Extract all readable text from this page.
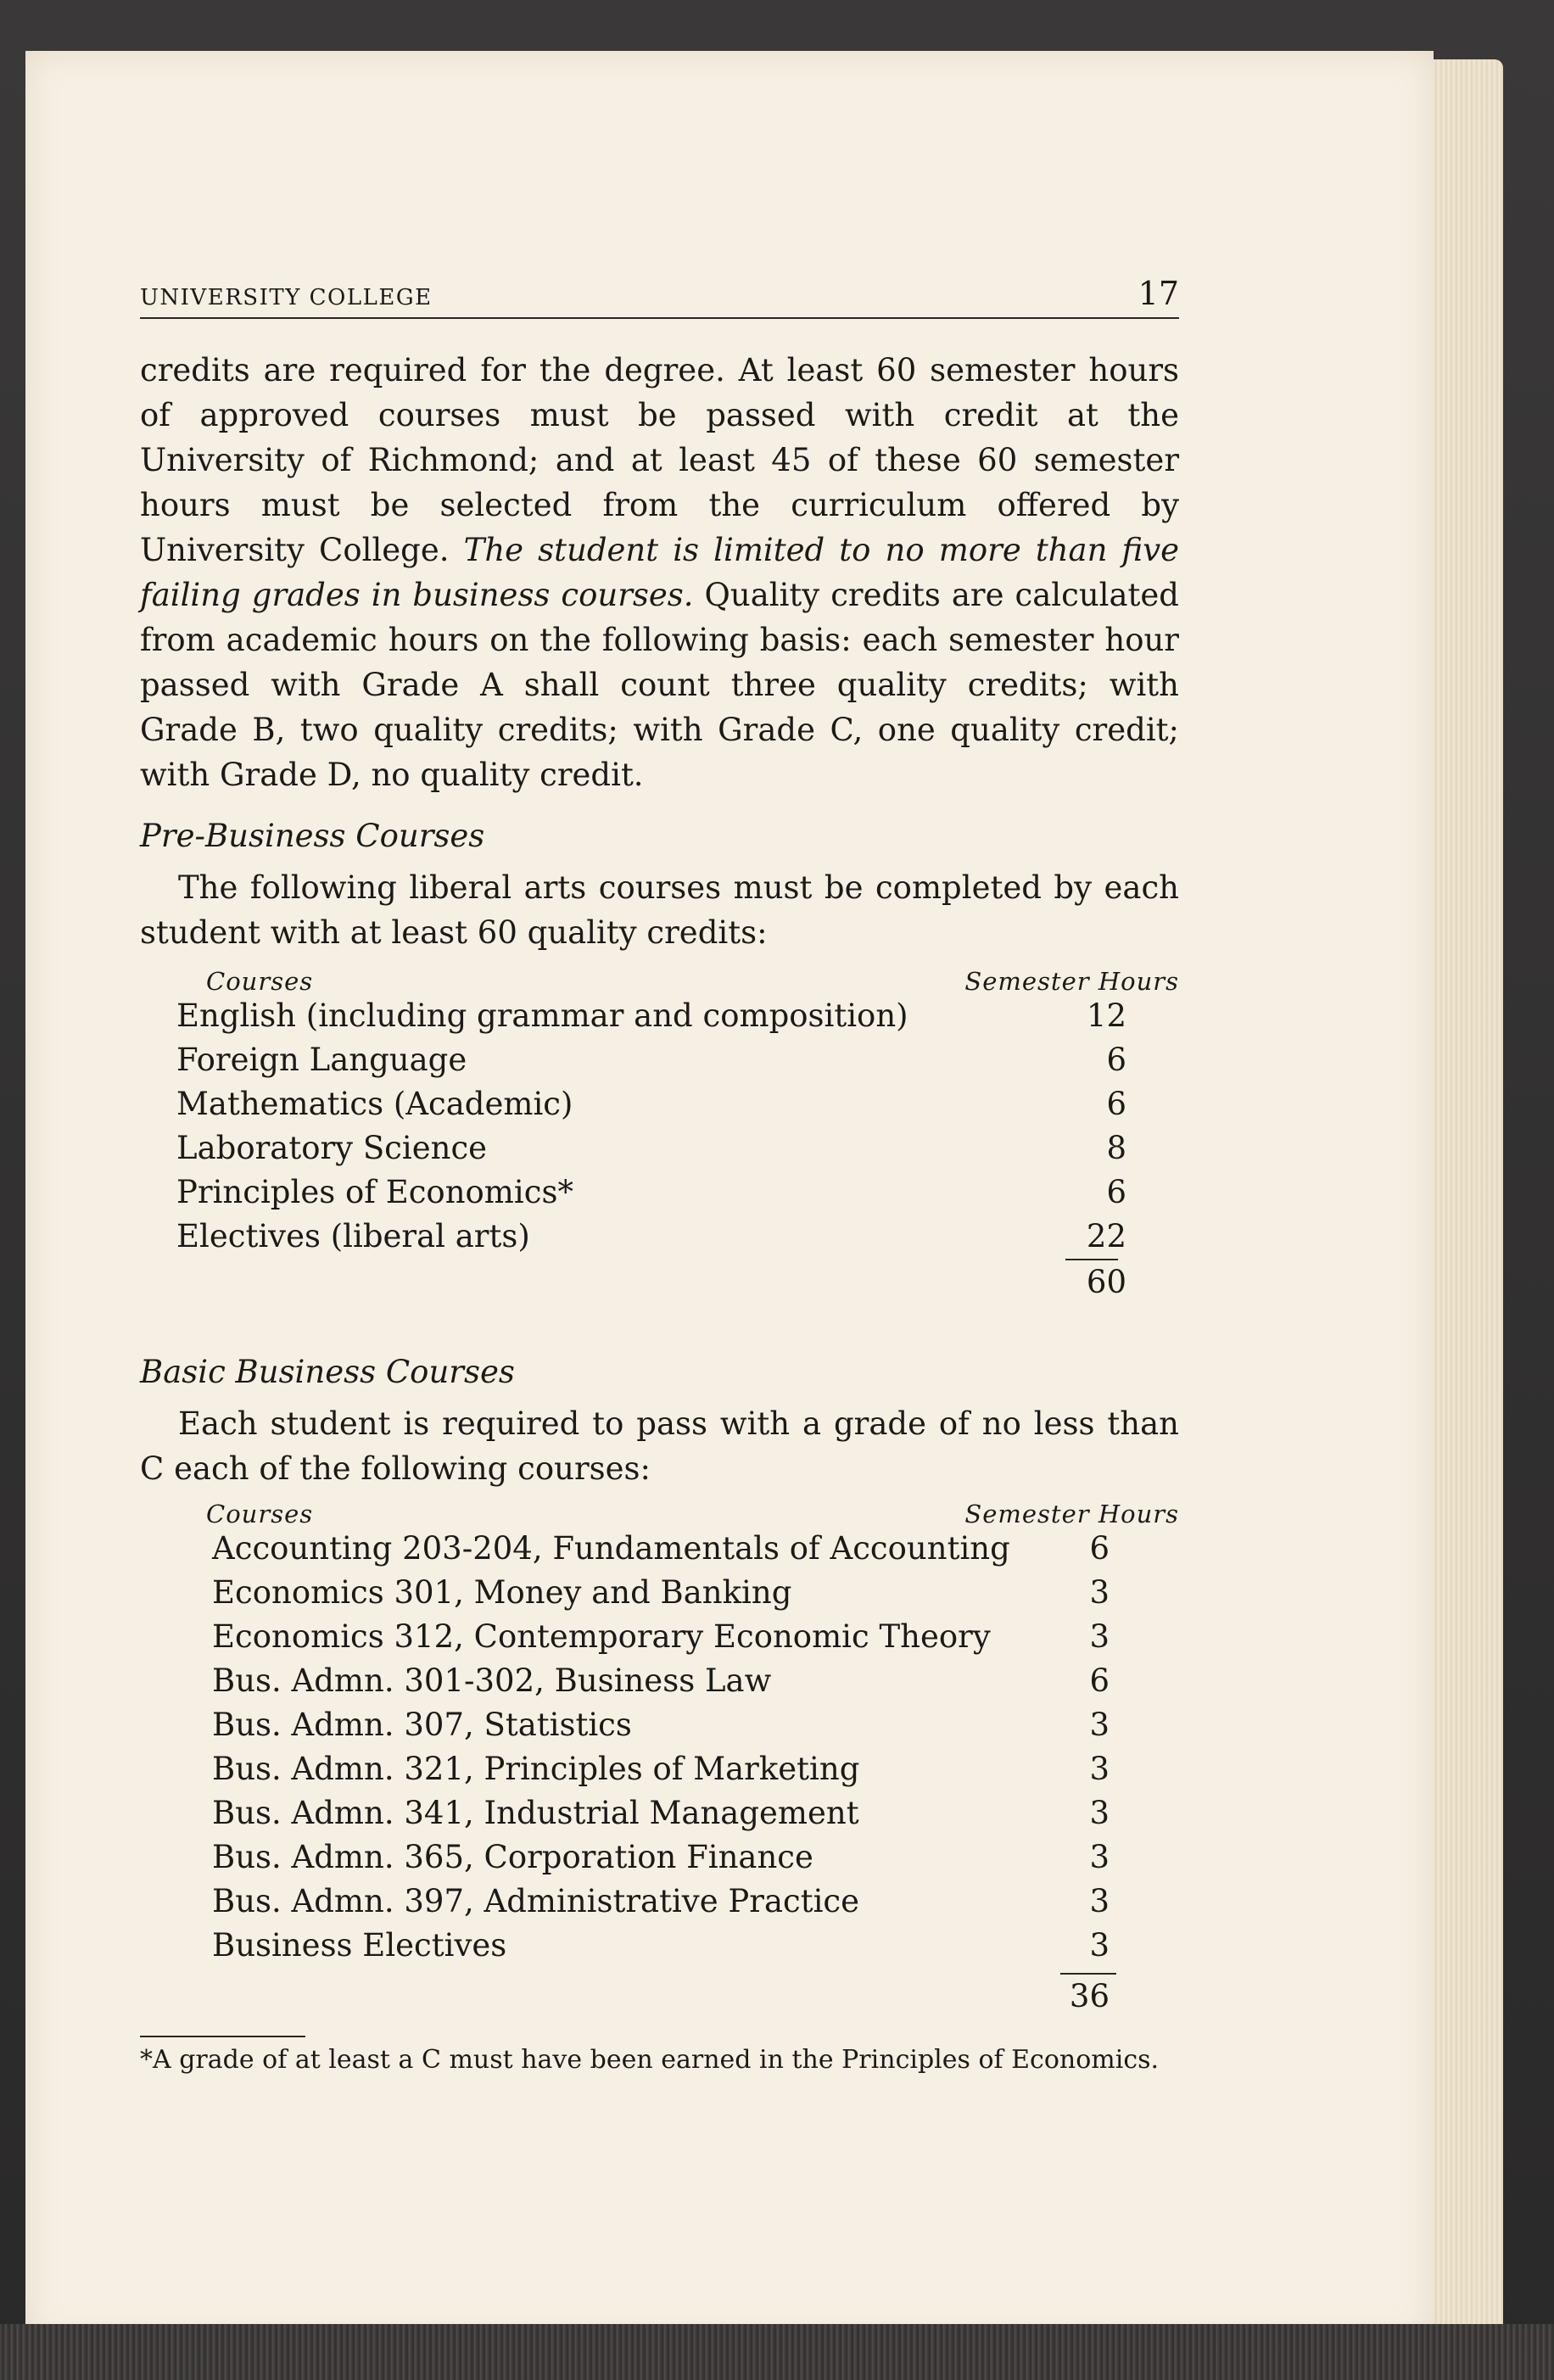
UNIVERSITY COLLEGE	17
credits are required for the degree. At least 60 semester hours of approved courses must be passed with credit at the University of Richmond; and at least 45 of these 60 semester hours must be selected from the curriculum offered by University College. The student is limited to no more than five failing grades in business courses. Quality credits are calculated from academic hours on the following basis: each semester hour passed with Grade A shall count three quality credits; with Grade B, two quality credits; with Grade C, one quality credit; with Grade D, no quality credit.
Pre-Business Courses
The following liberal arts courses must be completed by each student with at least 60 quality credits:
Courses	Semester Hours
English (including grammar and composition)	12
Foreign Language	6
Mathematics (Academic)	6
Laboratory Science	8
Principles of Economics*	6
Electives (liberal arts)	22
60
Basic Business Courses
Each student is required to pass with a grade of no less than C each of the following courses:
Courses	Semester Hours
Accounting 203-204, Fundamentals of Accounting	6
Economics 301, Money and Banking	3
Economics 312, Contemporary Economic Theory	3
Bus. Admn. 301-302, Business Law	6
Bus. Admn. 307, Statistics	3
Bus. Admn. 321, Principles of Marketing	3
Bus. Admn. 341, Industrial Management	3
Bus. Admn. 365, Corporation Finance	3
Bus. Admn. 397, Administrative Practice	3
Business Electives	3
36
*A grade of at least a C must have been earned in the Principles of Economics.
